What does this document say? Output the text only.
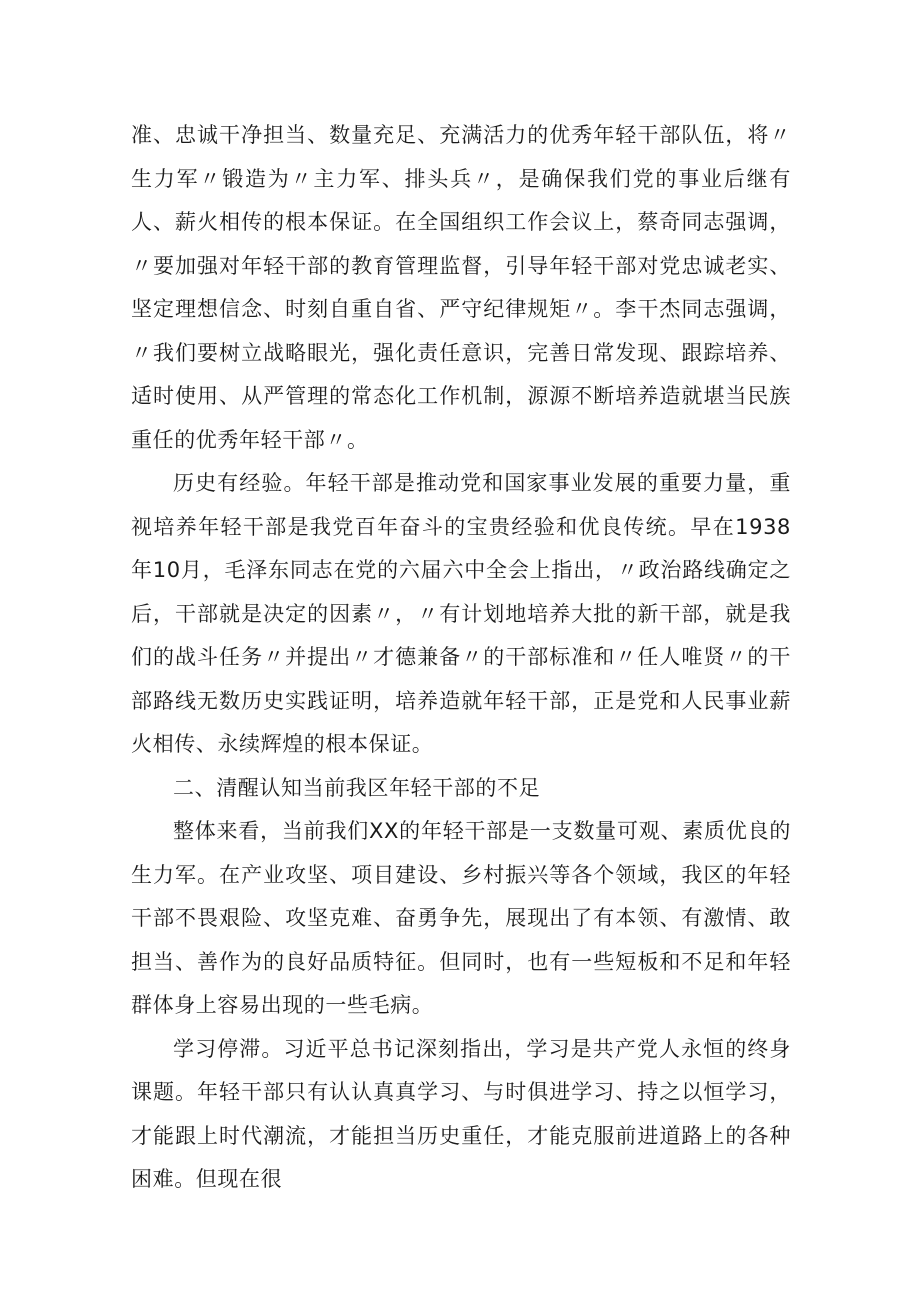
准、忠诚干净担当、数量充足、充满活力的优秀年轻干部队伍，将〃生力军〃锻造为〃主力军、排头兵〃，是确保我们党的事业后继有人、薪火相传的根本保证。在全国组织工作会议上，蔡奇同志强调，〃要加强对年轻干部的教育管理监督，引导年轻干部对党忠诚老实、坚定理想信念、时刻自重自省、严守纪律规矩〃。李干杰同志强调，〃我们要树立战略眼光，强化责任意识，完善日常发现、跟踪培养、适时使用、从严管理的常态化工作机制，源源不断培养造就堪当民族重任的优秀年轻干部〃。

历史有经验。年轻干部是推动党和国家事业发展的重要力量，重视培养年轻干部是我党百年奋斗的宝贵经验和优良传统。早在1938年10月，毛泽东同志在党的六届六中全会上指出，〃政治路线确定之后，干部就是决定的因素〃，〃有计划地培养大批的新干部，就是我们的战斗任务〃并提出〃才德兼备〃的干部标准和〃任人唯贤〃的干部路线无数历史实践证明，培养造就年轻干部，正是党和人民事业薪火相传、永续辉煌的根本保证。

二、清醒认知当前我区年轻干部的不足

整体来看，当前我们XX的年轻干部是一支数量可观、素质优良的生力军。在产业攻坚、项目建设、乡村振兴等各个领域，我区的年轻干部不畏艰险、攻坚克难、奋勇争先，展现出了有本领、有激情、敢担当、善作为的良好品质特征。但同时，也有一些短板和不足和年轻群体身上容易出现的一些毛病。

学习停滞。习近平总书记深刻指出，学习是共产党人永恒的终身课题。年轻干部只有认认真真学习、与时俱进学习、持之以恒学习，才能跟上时代潮流，才能担当历史重任，才能克服前进道路上的各种困难。但现在很
